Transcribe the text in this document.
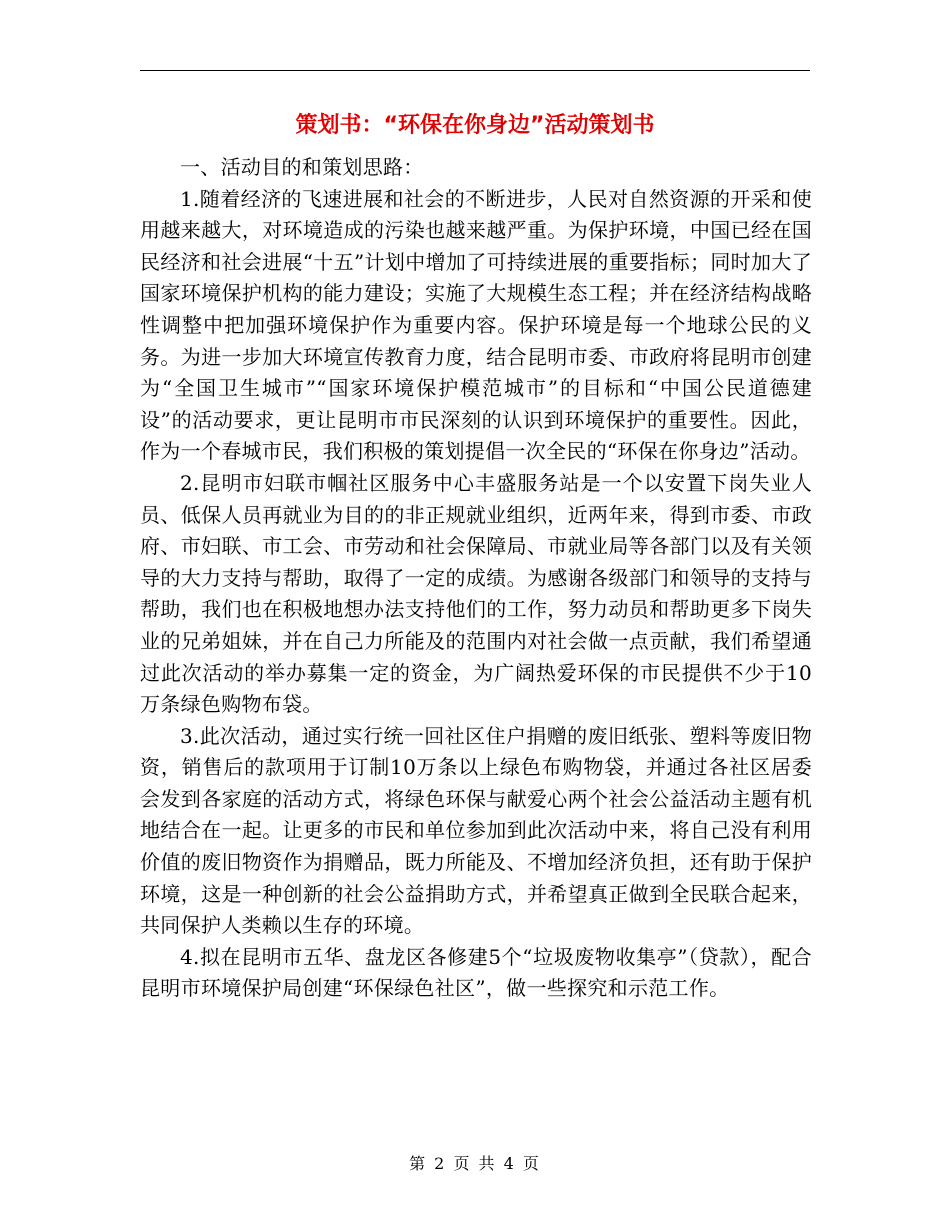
策划书：“环保在你身边”活动策划书

一、活动目的和策划思路：

1.随着经济的飞速进展和社会的不断进步，人民对自然资源的开采和使用越来越大，对环境造成的污染也越来越严重。为保护环境，中国已经在国民经济和社会进展“十五”计划中增加了可持续进展的重要指标；同时加大了国家环境保护机构的能力建设；实施了大规模生态工程；并在经济结构战略性调整中把加强环境保护作为重要内容。保护环境是每一个地球公民的义务。为进一步加大环境宣传教育力度，结合昆明市委、市政府将昆明市创建为“全国卫生城市”“国家环境保护模范城市”的目标和“中国公民道德建设”的活动要求，更让昆明市市民深刻的认识到环境保护的重要性。因此，作为一个春城市民，我们积极的策划提倡一次全民的“环保在你身边”活动。

2.昆明市妇联市帼社区服务中心丰盛服务站是一个以安置下岗失业人员、低保人员再就业为目的的非正规就业组织，近两年来，得到市委、市政府、市妇联、市工会、市劳动和社会保障局、市就业局等各部门以及有关领导的大力支持与帮助，取得了一定的成绩。为感谢各级部门和领导的支持与帮助，我们也在积极地想办法支持他们的工作，努力动员和帮助更多下岗失业的兄弟姐妹，并在自己力所能及的范围内对社会做一点贡献，我们希望通过此次活动的举办募集一定的资金，为广阔热爱环保的市民提供不少于10万条绿色购物布袋。

3.此次活动，通过实行统一回社区住户捐赠的废旧纸张、塑料等废旧物资，销售后的款项用于订制10万条以上绿色布购物袋，并通过各社区居委会发到各家庭的活动方式，将绿色环保与献爱心两个社会公益活动主题有机地结合在一起。让更多的市民和单位参加到此次活动中来，将自己没有利用价值的废旧物资作为捐赠品，既力所能及、不增加经济负担，还有助于保护环境，这是一种创新的社会公益捐助方式，并希望真正做到全民联合起来，共同保护人类赖以生存的环境。

4.拟在昆明市五华、盘龙区各修建5个“垃圾废物收集亭”（贷款），配合昆明市环境保护局创建“环保绿色社区”，做一些探究和示范工作。

第 2 页 共 4 页
